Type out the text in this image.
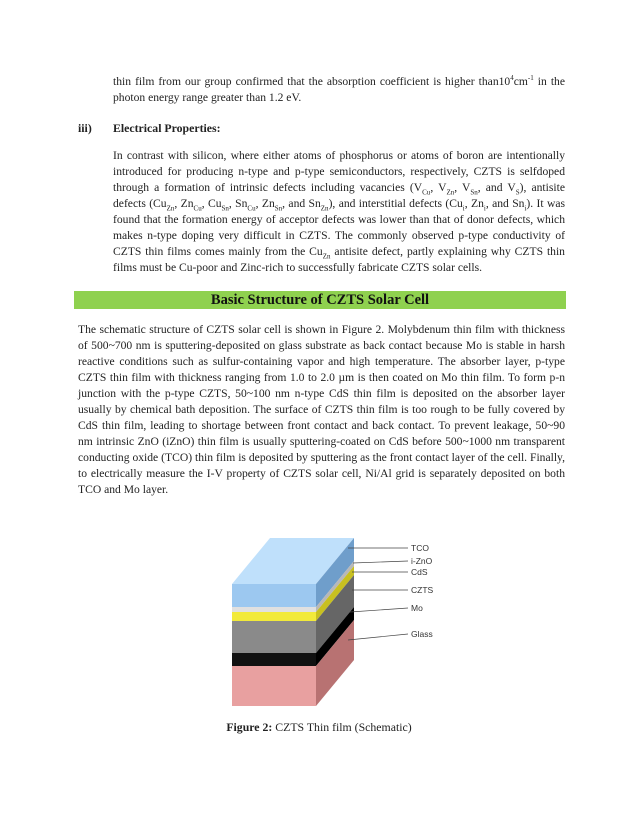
thin film from our group confirmed that the absorption coefficient is higher $than10^4cm^{-1}$ in the photon energy range greater than 1.2 eV.

iii) Electrical Properties:

In contrast with silicon, where either atoms of phosphorus or atoms of boron are intentionally introduced for producing n-type and p-type semiconductors, respectively, CZTS is selfdoped through a formation of intrinsic defects including vacancies ($V_{Cu}$, $V_{Zn}$, $V_{Sn}$, and $V_S$), antisite defects ($Cu_{Zn}$, $Zn_{Cu}$, $Cu_{Sn}$, $Sn_{Cu}$, $Zn_{Sn}$, and $Sn_{Zn}$), and interstitial defects ($Cu_i$, $Zn_i$, and $Sn_i$). It was found that the formation energy of acceptor defects was lower than that of donor defects, which makes n-type doping very difficult in CZTS. The commonly observed p-type conductivity of CZTS thin films comes mainly from the $Cu_{Zn}$ antisite defect, partly explaining why CZTS thin films must be Cu-poor and Zinc-rich to successfully fabricate CZTS solar cells.

Basic Structure of CZTS Solar Cell

The schematic structure of CZTS solar cell is shown in Figure 2. Molybdenum thin film with thickness of 500~700 nm is sputtering-deposited on glass substrate as back contact because Mo is stable in harsh reactive conditions such as sulfur-containing vapor and high temperature. The absorber layer, p-type CZTS thin film with thickness ranging from 1.0 to 2.0 µm is then coated on Mo thin film. To form p-n junction with the p-type CZTS, 50~100 nm n-type CdS thin film is deposited on the absorber layer usually by chemical bath deposition. The surface of CZTS thin film is too rough to be fully covered by CdS thin film, leading to shortage between front contact and back contact. To prevent leakage, 50~90 nm intrinsic ZnO (iZnO) thin film is usually sputtering-coated on CdS before 500~1000 nm transparent conducting oxide (TCO) thin film is deposited by sputtering as the front contact layer of the cell. Finally, to electrically measure the I-V property of CZTS solar cell, Ni/Al grid is separately deposited on both TCO and Mo layer.

TCO
i-ZnO
CdS
CZTS
Mo
Glass
Figure 2: CZTS Thin film (Schematic)
